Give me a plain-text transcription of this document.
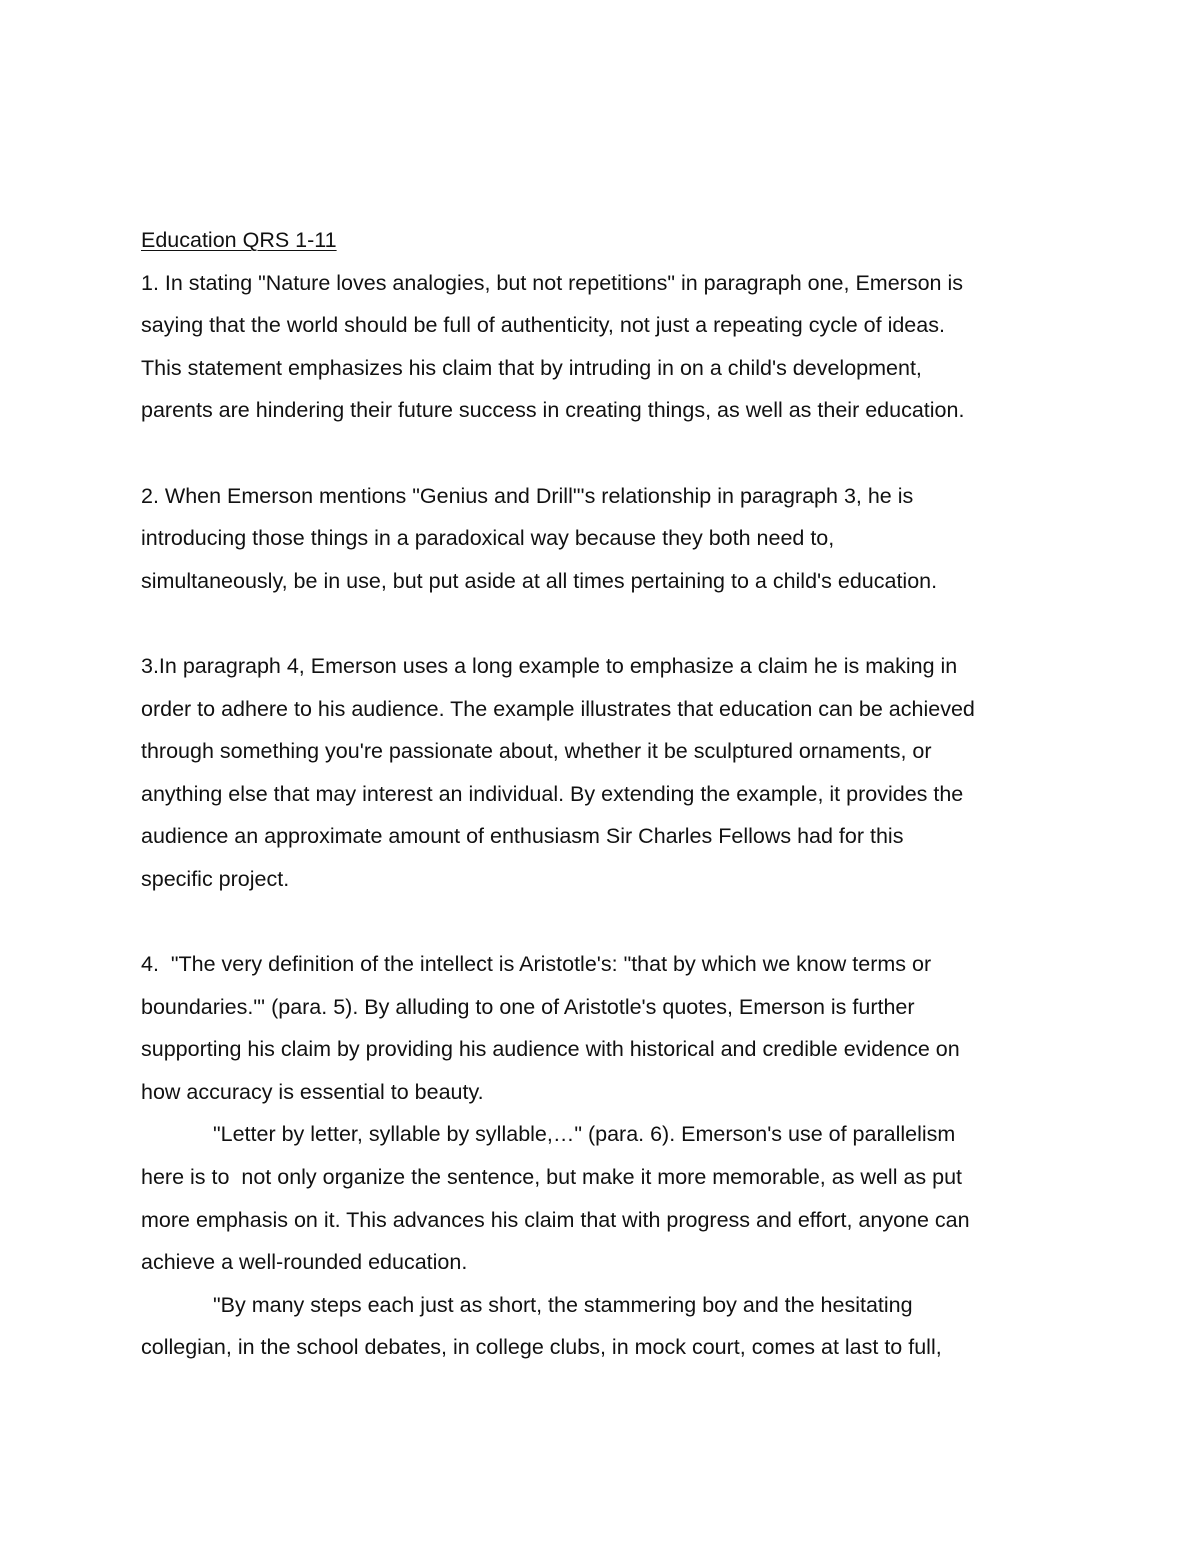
Education QRS 1-11

1. In stating "Nature loves analogies, but not repetitions" in paragraph one, Emerson is
saying that the world should be full of authenticity, not just a repeating cycle of ideas.
This statement emphasizes his claim that by intruding in on a child's development,
parents are hindering their future success in creating things, as well as their education.

2. When Emerson mentions "Genius and Drill"'s relationship in paragraph 3, he is
introducing those things in a paradoxical way because they both need to,
simultaneously, be in use, but put aside at all times pertaining to a child's education.

3.In paragraph 4, Emerson uses a long example to emphasize a claim he is making in
order to adhere to his audience. The example illustrates that education can be achieved
through something you're passionate about, whether it be sculptured ornaments, or
anything else that may interest an individual. By extending the example, it provides the
audience an approximate amount of enthusiasm Sir Charles Fellows had for this
specific project.

4.  "The very definition of the intellect is Aristotle's: "that by which we know terms or
boundaries."' (para. 5). By alluding to one of Aristotle's quotes, Emerson is further
supporting his claim by providing his audience with historical and credible evidence on
how accuracy is essential to beauty.

"Letter by letter, syllable by syllable,…" (para. 6). Emerson's use of parallelism
here is to  not only organize the sentence, but make it more memorable, as well as put
more emphasis on it. This advances his claim that with progress and effort, anyone can
achieve a well-rounded education.

"By many steps each just as short, the stammering boy and the hesitating
collegian, in the school debates, in college clubs, in mock court, comes at last to full,
